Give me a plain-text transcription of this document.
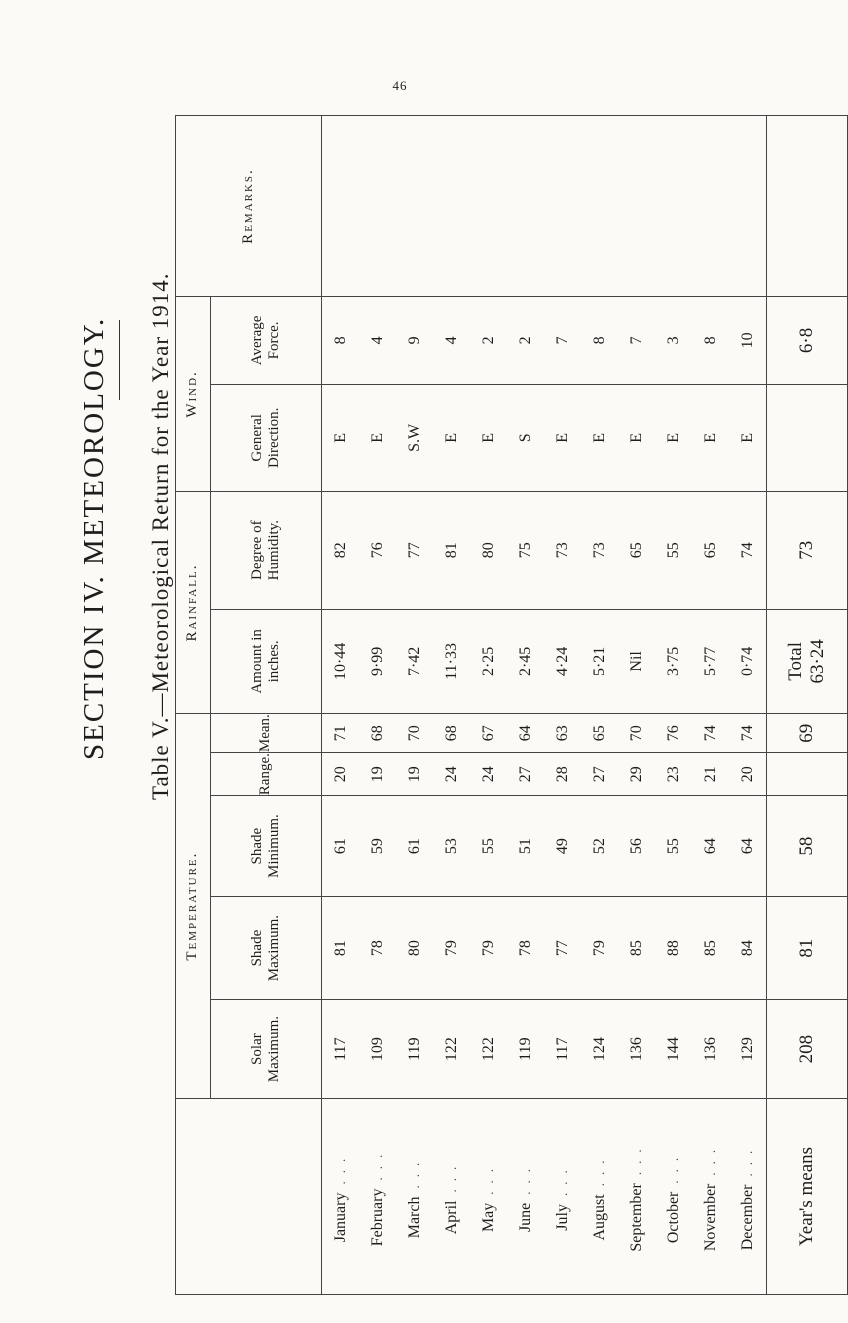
46
SECTION IV. METEOROLOGY. Table V.—Meteorological Return for the Year 1914.
	Temperature.					Rainfall.		Wind.		Remarks.
	Solar Maximum.	Shade Maximum.	Shade Minimum.	Range.	Mean.	Amount in inches.	Degree of Humidity.	General Direction.	Average Force.	
January...	117	81	61	20	71	10·44	82	E	8	
February...	109	78	59	19	68	9·99	76	E	4	
March...	119	80	61	19	70	7·42	77	S.W	9	
April...	122	79	53	24	68	11·33	81	E	4	
May...	122	79	55	24	67	2·25	80	E	2	
June...	119	78	51	27	64	2·45	75	S	2	
July...	117	77	49	28	63	4·24	73	E	7	
August...	124	79	52	27	65	5·21	73	E	8	
September...	136	85	56	29	70	Nil	65	E	7	
October...	144	88	55	23	76	3·75	55	E	3	
November...	136	85	64	21	74	5·77	65	E	8	
December...	129	84	64	20	74	0·74	74	E	10	
Year's means	208	81	58		69	Total 63·24	73		6·8	
